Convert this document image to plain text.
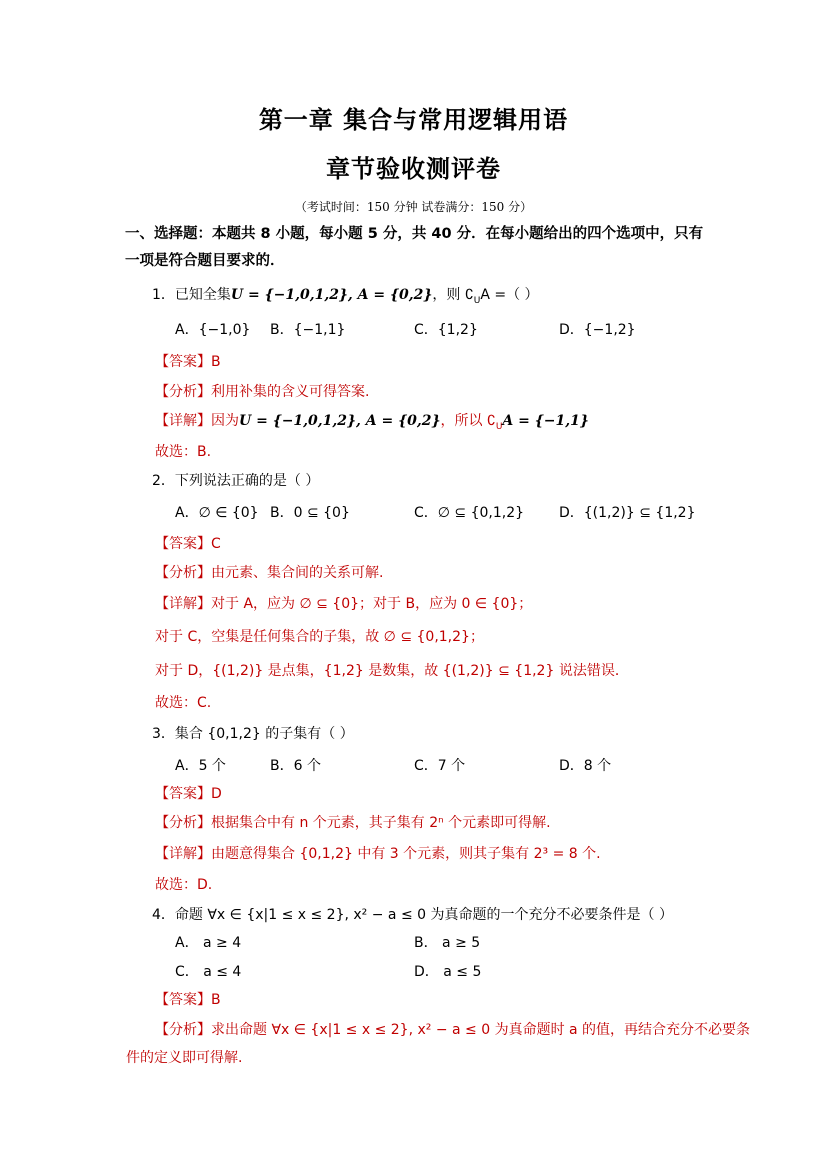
第一章 集合与常用逻辑用语
章节验收测评卷
（考试时间：150 分钟 试卷满分：150 分）
一、选择题：本题共 8 小题，每小题 5 分，共 40 分．在每小题给出的四个选项中，只有一项是符合题目要求的．
1．已知全集U = {−1,0,1,2}, A = {0,2}，则 $∁_UA$ =（ ）
A．{−1,0} B．{−1,1}	C．{1,2}	D．{−1,2}
【答案】B
【分析】利用补集的含义可得答案.
【详解】因为U = {−1,0,1,2}, A = {0,2}，所以 $∁_UA = \{-1,1\}$
故选：B.
2．下列说法正确的是（ ）
A．∅ ∈ {0} B．0 ⊆ {0}	C．∅ ⊆ {0,1,2} D．{(1,2)} ⊆ {1,2}
【答案】C
【分析】由元素、集合间的关系可解.
【详解】对于 A，应为 ∅ ⊆ {0}；对于 B，应为 0 ∈ {0}；
对于 C，空集是任何集合的子集，故 ∅ ⊆ {0,1,2}；
对于 D，{(1,2)} 是点集，{1,2} 是数集，故 {(1,2)} ⊆ {1,2} 说法错误．
故选：C.
3．集合 {0,1,2} 的子集有（ ）
A．5 个	B．6 个	C．7 个	D．8 个
【答案】D
【分析】根据集合中有 n 个元素，其子集有 2ⁿ 个元素即可得解.
【详解】由题意得集合 {0,1,2} 中有 3 个元素，则其子集有 2³ = 8 个.
故选：D.
4．命题 ∀x ∈ {x|1 ≤ x ≤ 2}, x² − a ≤ 0 为真命题的一个充分不必要条件是（ ）
A． a ≥ 4	B． a ≥ 5
C． a ≤ 4	D． a ≤ 5
【答案】B
【分析】求出命题 ∀x ∈ {x|1 ≤ x ≤ 2}, x² − a ≤ 0 为真命题时 a 的值，再结合充分不必要条
件的定义即可得解.
